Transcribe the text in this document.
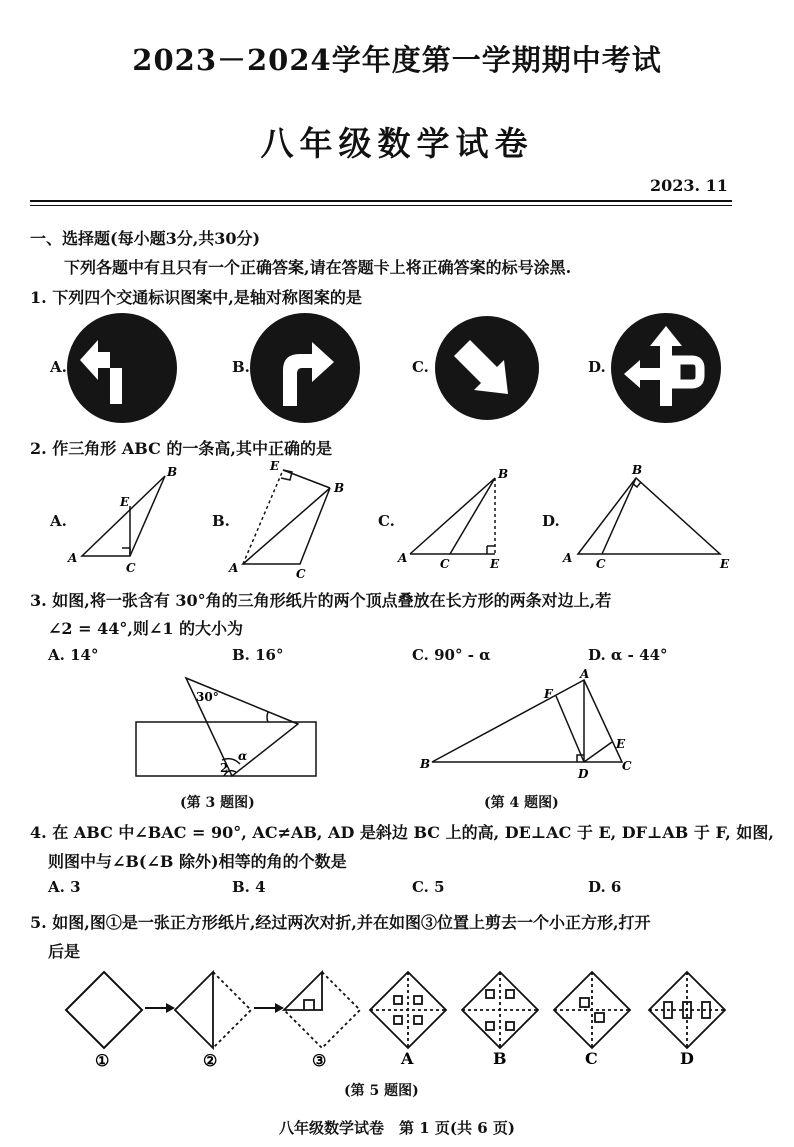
2023－2024学年度第一学期期中考试
八年级数学试卷
2023. 11
一、选择题(每小题3分,共30分)
下列各题中有且只有一个正确答案,请在答题卡上将正确答案的标号涂黑.
1. 下列四个交通标识图案中,是轴对称图案的是
A.	B.	C.	D.
2. 作三角形 ABC 的一条高,其中正确的是
A.	B.	C.	D.
A
B
E
C	A
E
B
C
A
B
C	E	A
B
C	E
3. 如图,将一张含有 30°角的三角形纸片的两个顶点叠放在长方形的两条对边上,若
∠2 = 44°,则∠1 的大小为
A. 14°	B. 16°	C. 90° - α	D. α - 44°
30°
α
2	B
A
F
E
D
C
(第 3 题图)	(第 4 题图)
4. 在 ABC 中∠BAC = 90°, AC≠AB, AD 是斜边 BC 上的高, DE⊥AC 于 E, DF⊥AB 于 F, 如图,
则图中与∠B(∠B 除外)相等的角的个数是
A. 3	B. 4	C. 5	D. 6
5. 如图,图①是一张正方形纸片,经过两次对折,并在如图③位置上剪去一个小正方形,打开
后是
①	②	③	A	B	C	D
(第 5 题图)
八年级数学试卷　第 1 页(共 6 页)
